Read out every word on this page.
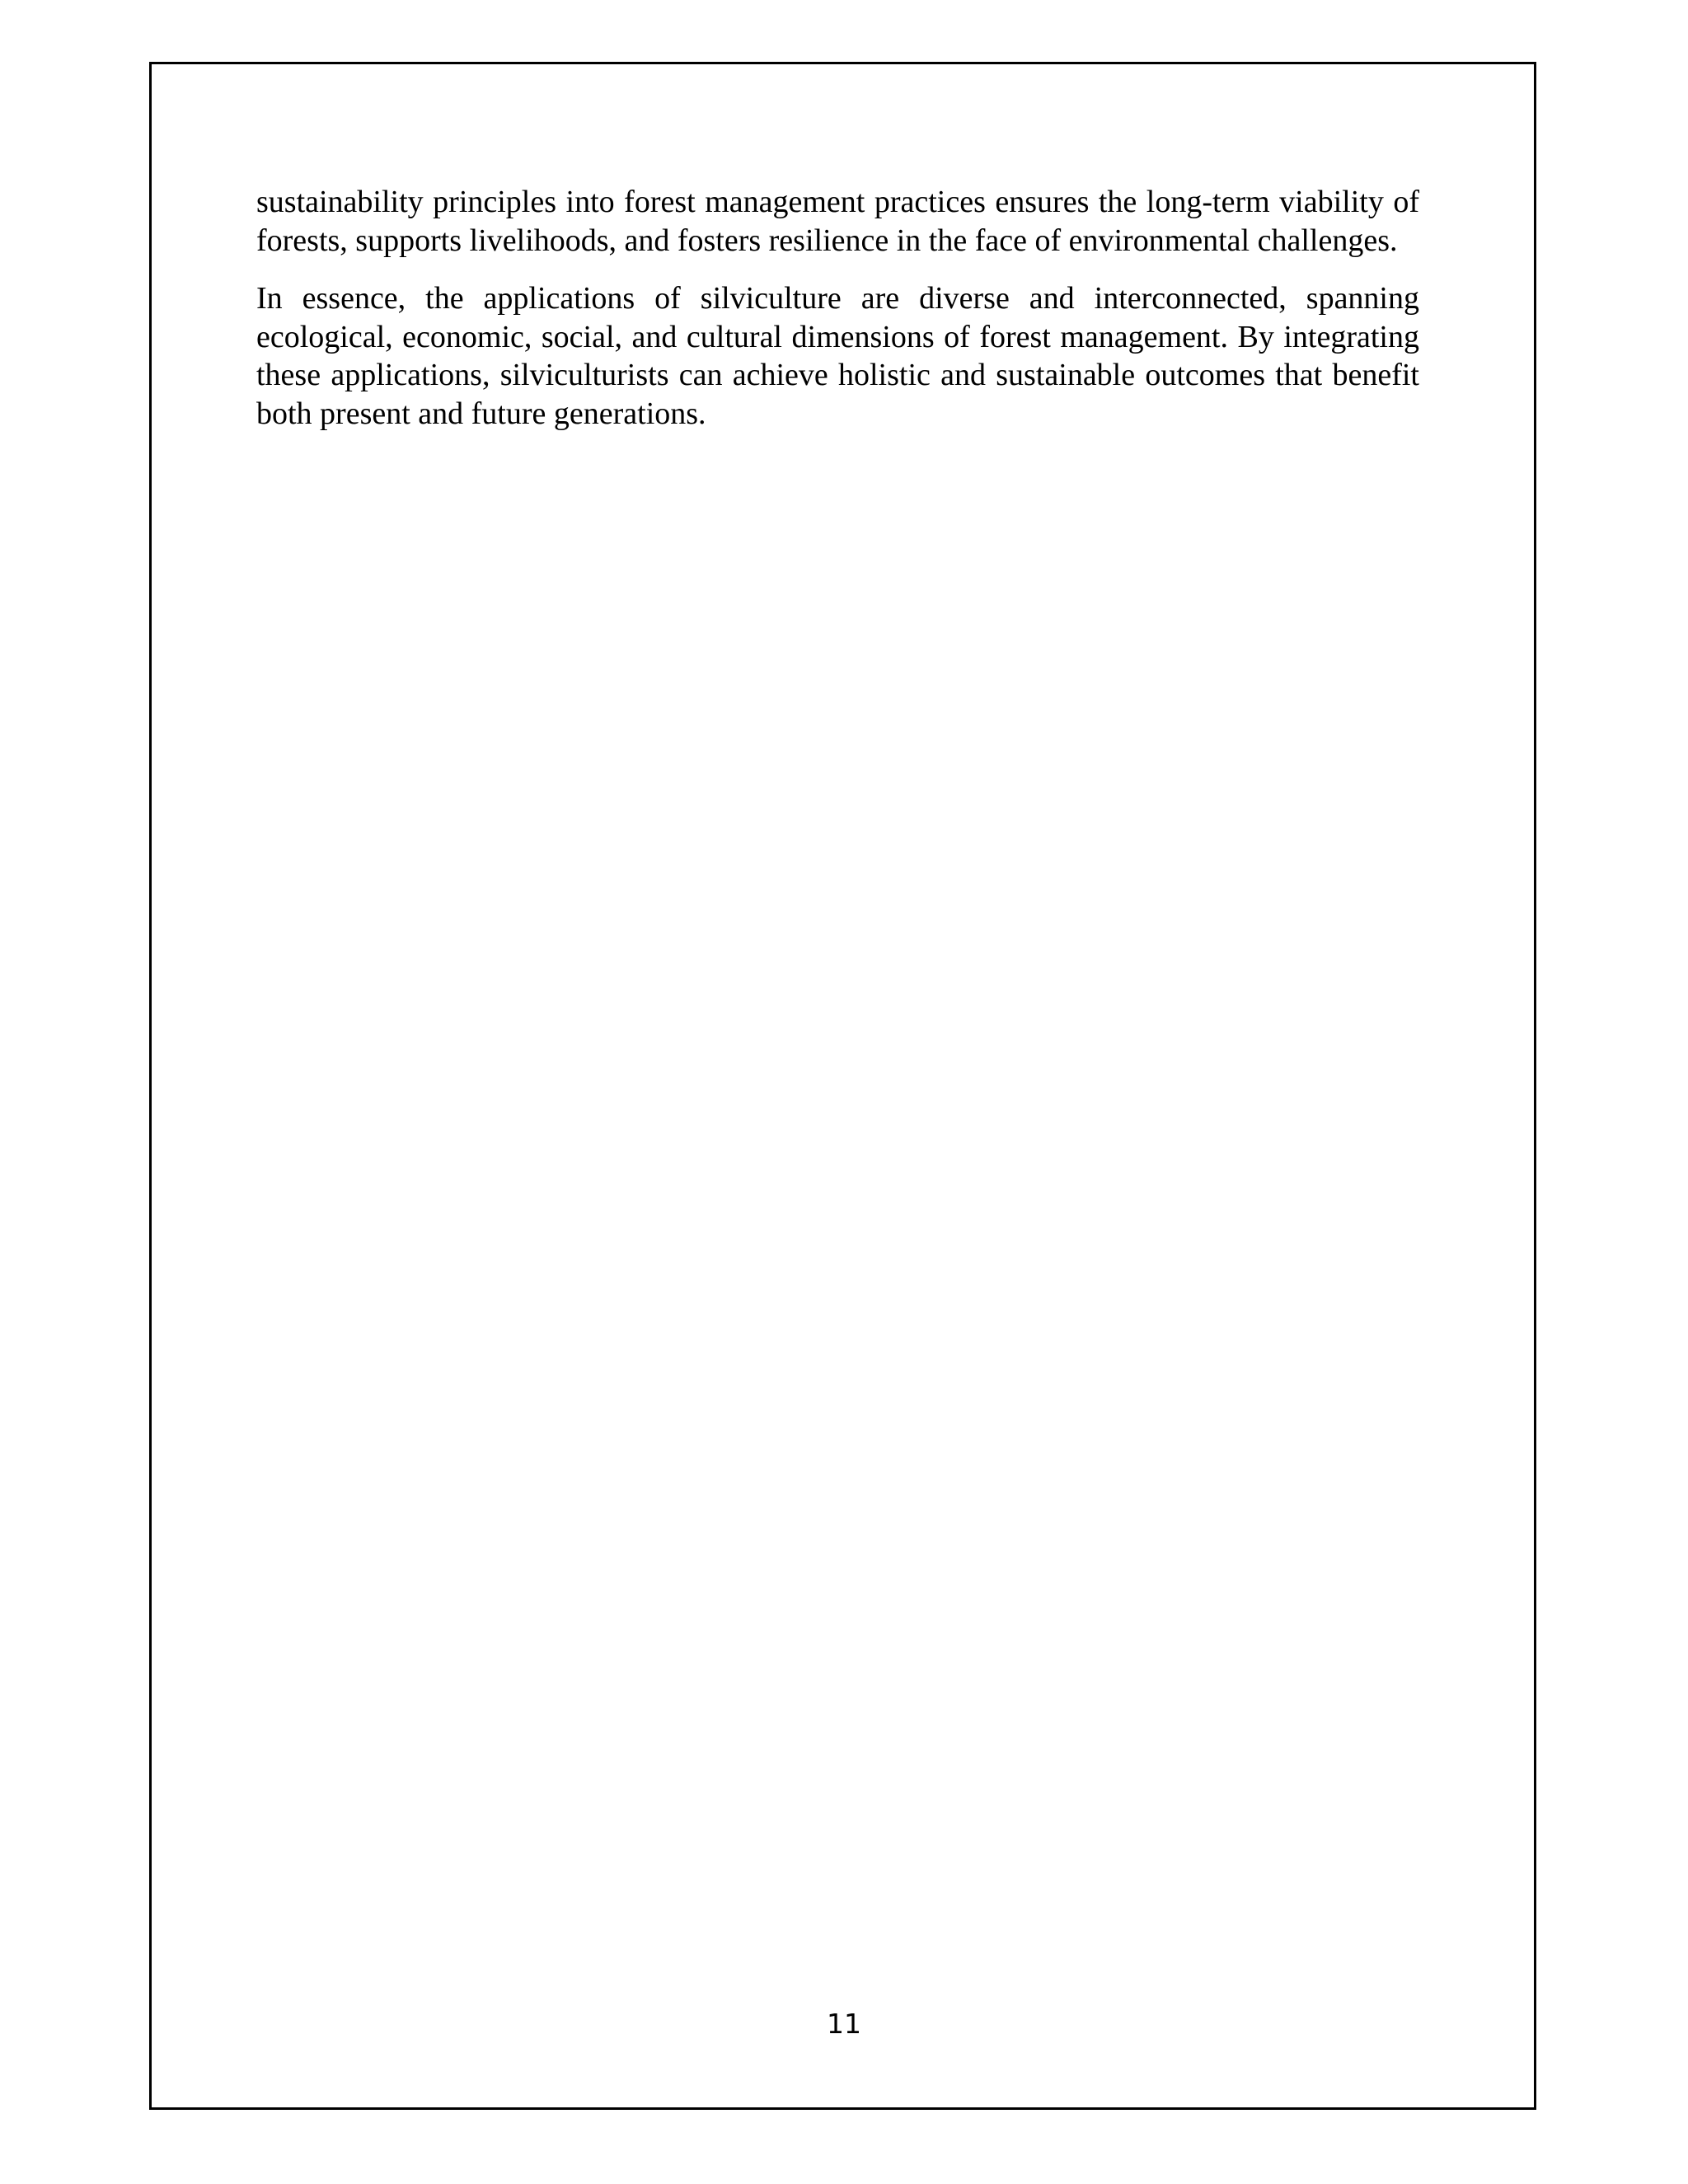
sustainability principles into forest management practices ensures the long-term viability of forests, supports livelihoods, and fosters resilience in the face of environmental challenges.

In essence, the applications of silviculture are diverse and interconnected, spanning ecological, economic, social, and cultural dimensions of forest management. By integrating these applications, silviculturists can achieve holistic and sustainable outcomes that benefit both present and future generations.

11
